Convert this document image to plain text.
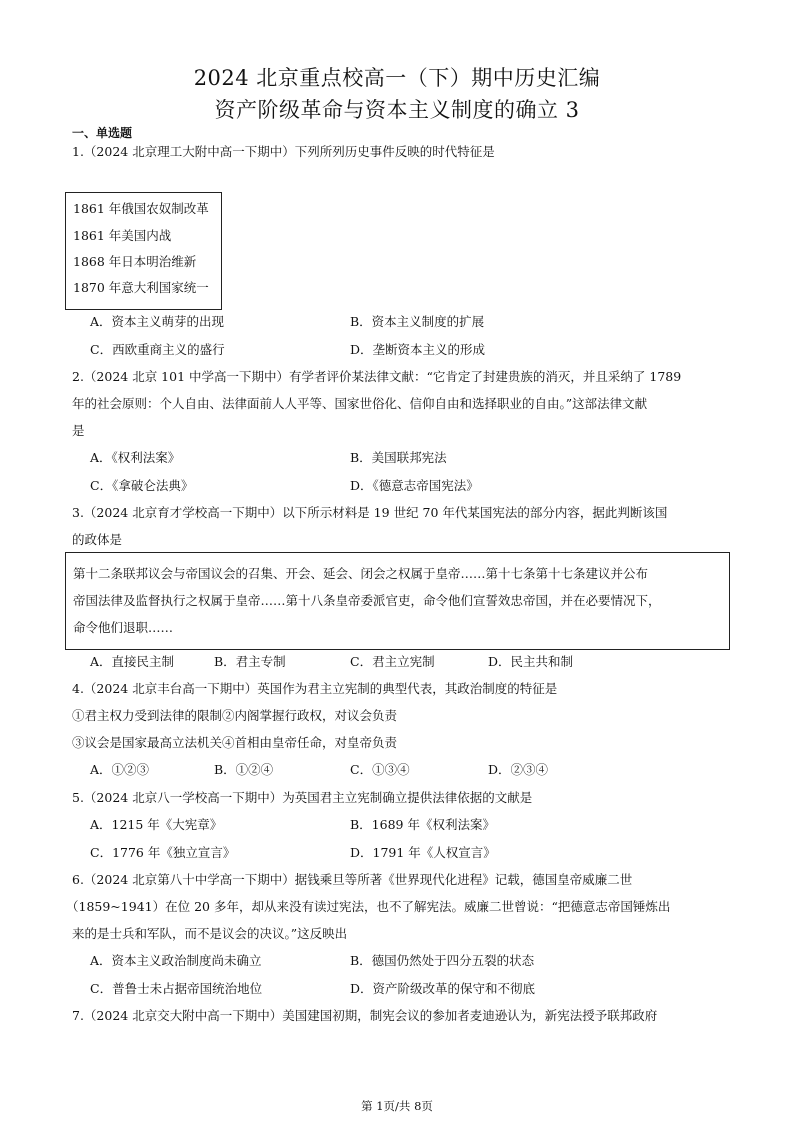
2024 北京重点校高一（下）期中历史汇编
资产阶级革命与资本主义制度的确立 3
一、单选题
1.（2024 北京理工大附中高一下期中）下列所列历史事件反映的时代特征是
1861 年俄国农奴制改革
1861 年美国内战
1868 年日本明治维新
1870 年意大利国家统一
A．资本主义萌芽的出现	B．资本主义制度的扩展
C．西欧重商主义的盛行	D．垄断资本主义的形成
2.（2024 北京 101 中学高一下期中）有学者评价某法律文献：“它肯定了封建贵族的消灭，并且采纳了 1789
年的社会原则：个人自由、法律面前人人平等、国家世俗化、信仰自由和选择职业的自由。”这部法律文献
是
A．《权利法案》	B．美国联邦宪法
C．《拿破仑法典》	D．《德意志帝国宪法》
3.（2024 北京育才学校高一下期中）以下所示材料是 19 世纪 70 年代某国宪法的部分内容，据此判断该国
的政体是
第十二条联邦议会与帝国议会的召集、开会、延会、闭会之权属于皇帝……第十七条第十七条建议并公布
帝国法律及监督执行之权属于皇帝……第十八条皇帝委派官吏，命令他们宣誓效忠帝国，并在必要情况下，
命令他们退职……
A．直接民主制	B．君主专制	C．君主立宪制	D．民主共和制
4.（2024 北京丰台高一下期中）英国作为君主立宪制的典型代表，其政治制度的特征是
①君主权力受到法律的限制②内阁掌握行政权，对议会负责
③议会是国家最高立法机关④首相由皇帝任命，对皇帝负责
A．①②③	B．①②④	C．①③④	D．②③④
5.（2024 北京八一学校高一下期中）为英国君主立宪制确立提供法律依据的文献是
A．1215 年《大宪章》	B．1689 年《权利法案》
C．1776 年《独立宣言》	D．1791 年《人权宣言》
6.（2024 北京第八十中学高一下期中）据钱乘旦等所著《世界现代化进程》记载，德国皇帝威廉二世
（1859~1941）在位 20 多年，却从来没有读过宪法，也不了解宪法。威廉二世曾说：“把德意志帝国锤炼出
来的是士兵和军队，而不是议会的决议。”这反映出
A．资本主义政治制度尚未确立	B．德国仍然处于四分五裂的状态
C．普鲁士未占据帝国统治地位	D．资产阶级改革的保守和不彻底
7.（2024 北京交大附中高一下期中）美国建国初期，制宪会议的参加者麦迪逊认为，新宪法授予联邦政府
第 1页/共 8页
